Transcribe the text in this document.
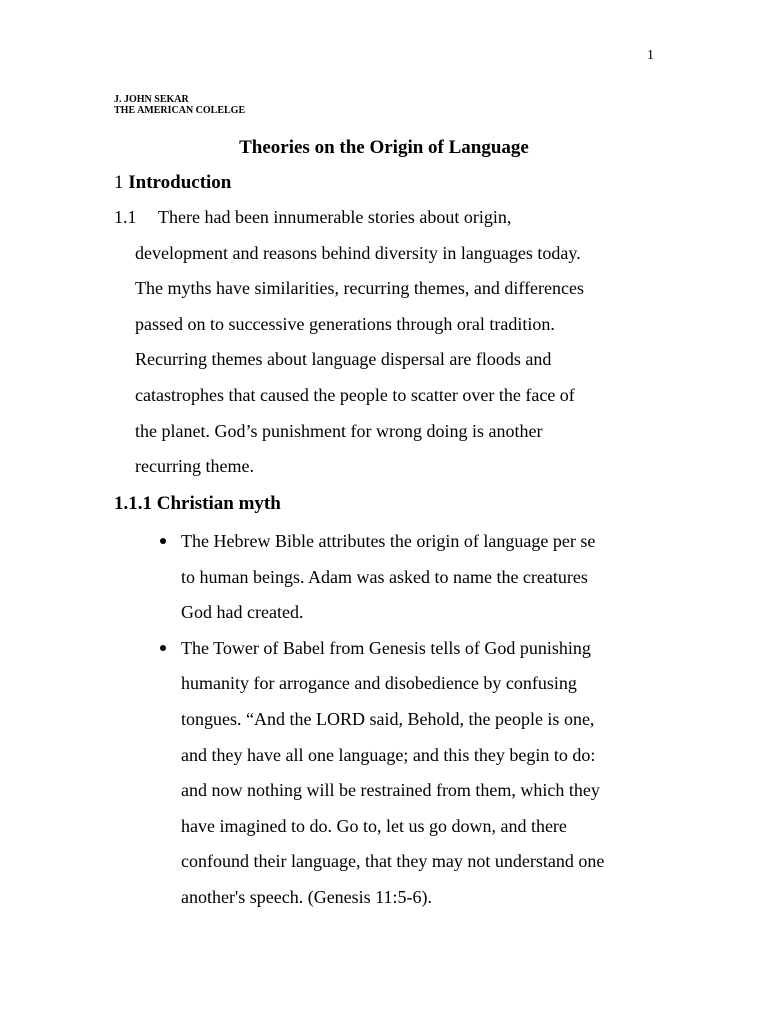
1
J. JOHN SEKAR
THE AMERICAN COLELGE
Theories on the Origin of Language
1 Introduction
1.1 There had been innumerable stories about origin,
development and reasons behind diversity in languages today.
The myths have similarities, recurring themes, and differences
passed on to successive generations through oral tradition.
Recurring themes about language dispersal are floods and
catastrophes that caused the people to scatter over the face of
the planet. God’s punishment for wrong doing is another
recurring theme.
1.1.1 Christian myth
The Hebrew Bible attributes the origin of language per se
to human beings. Adam was asked to name the creatures
God had created.
The Tower of Babel from Genesis tells of God punishing
humanity for arrogance and disobedience by confusing
tongues. “And the LORD said, Behold, the people is one,
and they have all one language; and this they begin to do:
and now nothing will be restrained from them, which they
have imagined to do. Go to, let us go down, and there
confound their language, that they may not understand one
another's speech. (Genesis 11:5-6).
